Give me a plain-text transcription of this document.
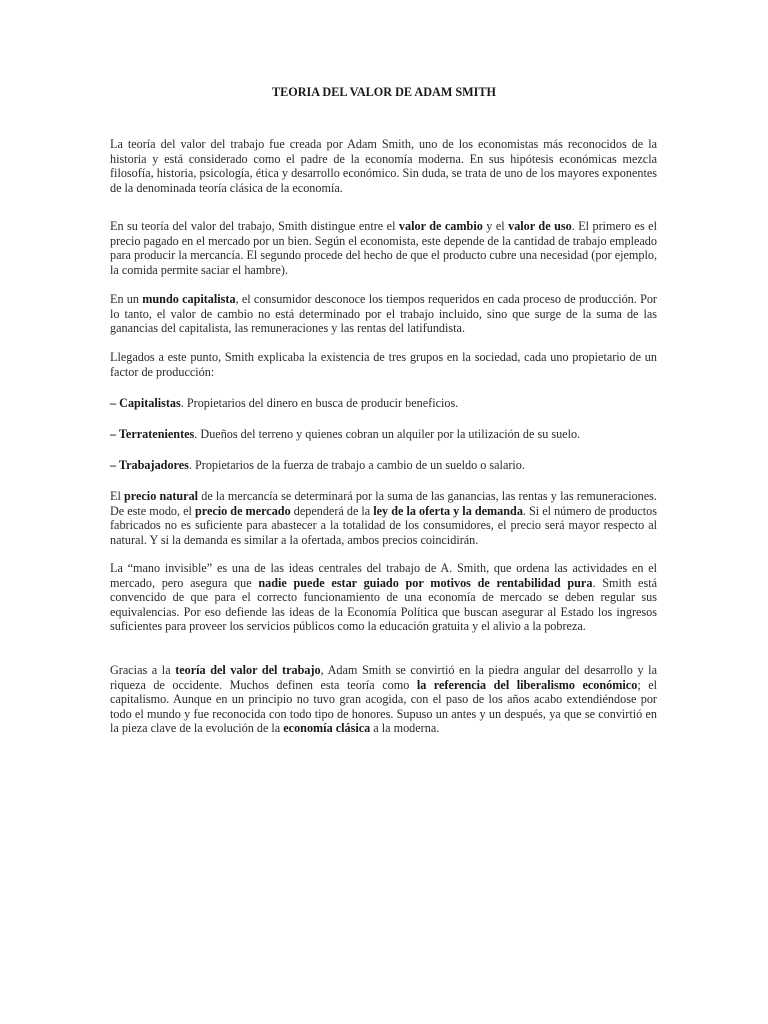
TEORIA DEL VALOR DE ADAM SMITH

La teoría del valor del trabajo fue creada por Adam Smith, uno de los economistas más reconocidos de la historia y está considerado como el padre de la economía moderna. En sus hipótesis económicas mezcla filosofía, historia, psicología, ética y desarrollo económico. Sin duda, se trata de uno de los mayores exponentes de la denominada teoría clásica de la economía.

En su teoría del valor del trabajo, Smith distingue entre el valor de cambio y el valor de uso. El primero es el precio pagado en el mercado por un bien. Según el economista, este depende de la cantidad de trabajo empleado para producir la mercancía. El segundo procede del hecho de que el producto cubre una necesidad (por ejemplo, la comida permite saciar el hambre).

En un mundo capitalista, el consumidor desconoce los tiempos requeridos en cada proceso de producción. Por lo tanto, el valor de cambio no está determinado por el trabajo incluido, sino que surge de la suma de las ganancias del capitalista, las remuneraciones y las rentas del latifundista.

Llegados a este punto, Smith explicaba la existencia de tres grupos en la sociedad, cada uno propietario de un factor de producción:

– Capitalistas. Propietarios del dinero en busca de producir beneficios.

– Terratenientes. Dueños del terreno y quienes cobran un alquiler por la utilización de su suelo.

– Trabajadores. Propietarios de la fuerza de trabajo a cambio de un sueldo o salario.

El precio natural de la mercancía se determinará por la suma de las ganancias, las rentas y las remuneraciones. De este modo, el precio de mercado dependerá de la ley de la oferta y la demanda. Si el número de productos fabricados no es suficiente para abastecer a la totalidad de los consumidores, el precio será mayor respecto al natural. Y si la demanda es similar a la ofertada, ambos precios coincidirán.

La “mano invisible” es una de las ideas centrales del trabajo de A. Smith, que ordena las actividades en el mercado, pero asegura que nadie puede estar guiado por motivos de rentabilidad pura. Smith está convencido de que para el correcto funcionamiento de una economía de mercado se deben regular sus equivalencias. Por eso defiende las ideas de la Economía Política que buscan asegurar al Estado los ingresos suficientes para proveer los servicios públicos como la educación gratuita y el alivio a la pobreza.

Gracias a la teoría del valor del trabajo, Adam Smith se convirtió en la piedra angular del desarrollo y la riqueza de occidente. Muchos definen esta teoría como la referencia del liberalismo económico; el capitalismo. Aunque en un principio no tuvo gran acogida, con el paso de los años acabo extendiéndose por todo el mundo y fue reconocida con todo tipo de honores. Supuso un antes y un después, ya que se convirtió en la pieza clave de la evolución de la economía clásica a la moderna.
